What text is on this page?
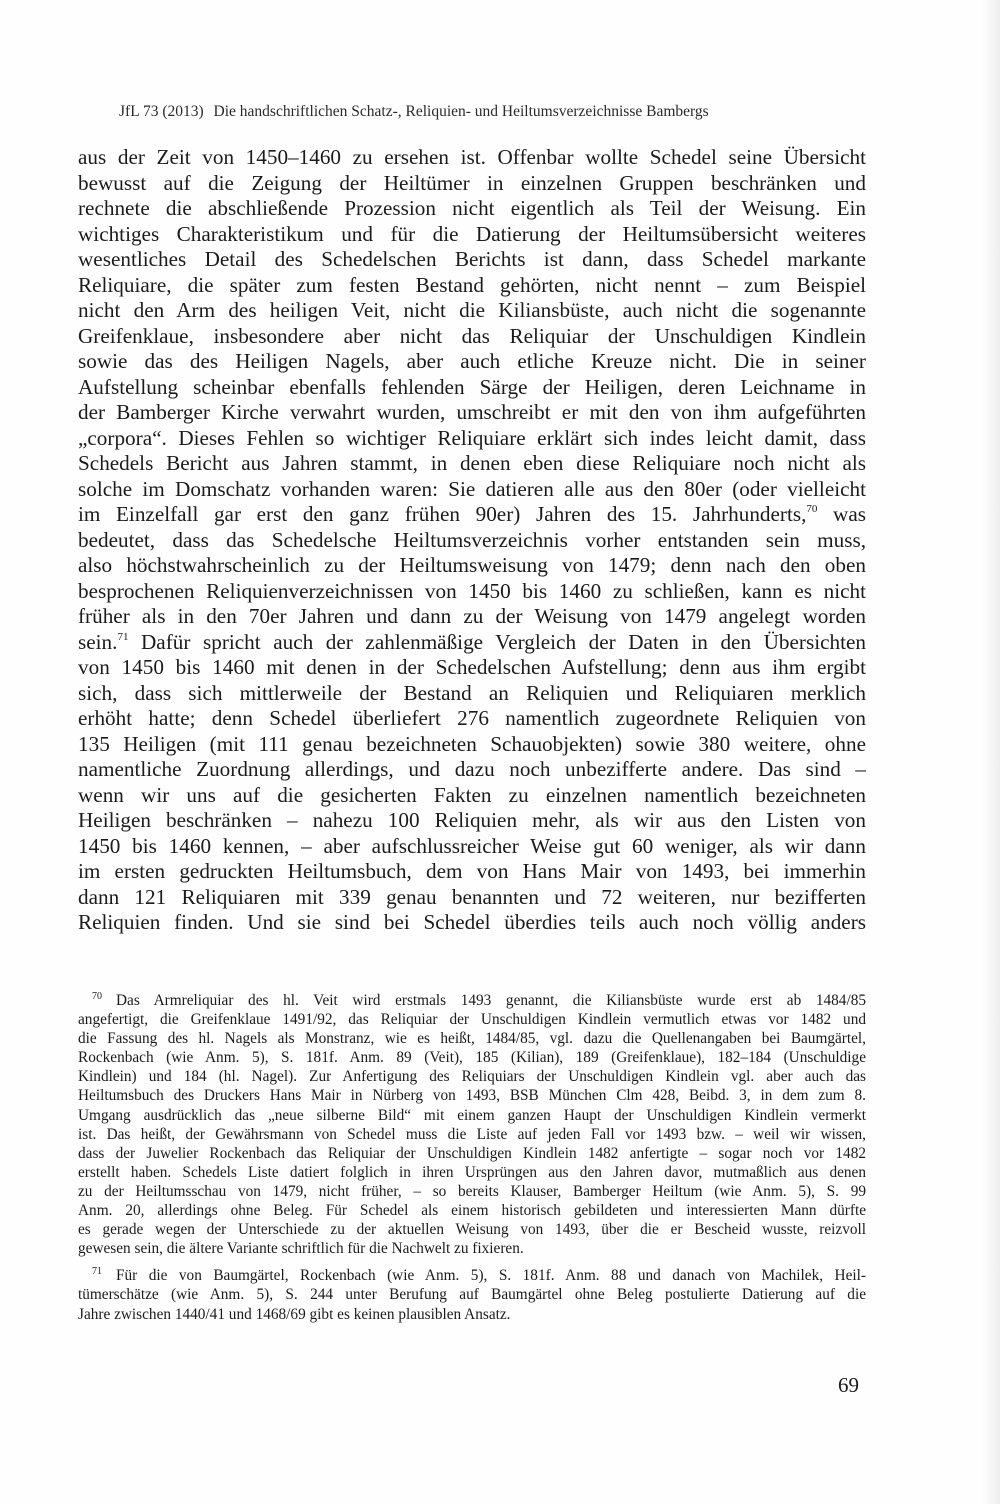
JfL 73 (2013) Die handschriftlichen Schatz-, Reliquien- und Heiltumsverzeichnisse Bambergs
aus der Zeit von 1450–1460 zu ersehen ist. Offenbar wollte Schedel seine Übersicht
bewusst auf die Zeigung der Heiltümer in einzelnen Gruppen beschränken und
rechnete die abschließende Prozession nicht eigentlich als Teil der Weisung. Ein
wichtiges Charakteristikum und für die Datierung der Heiltumsübersicht weiteres
wesentliches Detail des Schedelschen Berichts ist dann, dass Schedel markante
Reliquiare, die später zum festen Bestand gehörten, nicht nennt – zum Beispiel
nicht den Arm des heiligen Veit, nicht die Kiliansbüste, auch nicht die sogenannte
Greifenklaue, insbesondere aber nicht das Reliquiar der Unschuldigen Kindlein
sowie das des Heiligen Nagels, aber auch etliche Kreuze nicht. Die in seiner
Aufstellung scheinbar ebenfalls fehlenden Särge der Heiligen, deren Leichname in
der Bamberger Kirche verwahrt wurden, umschreibt er mit den von ihm aufgeführten
„corpora“. Dieses Fehlen so wichtiger Reliquiare erklärt sich indes leicht damit, dass
Schedels Bericht aus Jahren stammt, in denen eben diese Reliquiare noch nicht als
solche im Domschatz vorhanden waren: Sie datieren alle aus den 80er (oder vielleicht
im Einzelfall gar erst den ganz frühen 90er) Jahren des 15. Jahrhunderts,$^{70}$ was
bedeutet, dass das Schedelsche Heiltumsverzeichnis vorher entstanden sein muss,
also höchstwahrscheinlich zu der Heiltumsweisung von 1479; denn nach den oben
besprochenen Reliquienverzeichnissen von 1450 bis 1460 zu schließen, kann es nicht
früher als in den 70er Jahren und dann zu der Weisung von 1479 angelegt worden
sein.$^{71}$ Dafür spricht auch der zahlenmäßige Vergleich der Daten in den Übersichten
von 1450 bis 1460 mit denen in der Schedelschen Aufstellung; denn aus ihm ergibt
sich, dass sich mittlerweile der Bestand an Reliquien und Reliquiaren merklich
erhöht hatte; denn Schedel überliefert 276 namentlich zugeordnete Reliquien von
135 Heiligen (mit 111 genau bezeichneten Schauobjekten) sowie 380 weitere, ohne
namentliche Zuordnung allerdings, und dazu noch unbezifferte andere. Das sind –
wenn wir uns auf die gesicherten Fakten zu einzelnen namentlich bezeichneten
Heiligen beschränken – nahezu 100 Reliquien mehr, als wir aus den Listen von
1450 bis 1460 kennen, – aber aufschlussreicher Weise gut 60 weniger, als wir dann
im ersten gedruckten Heiltumsbuch, dem von Hans Mair von 1493, bei immerhin
dann 121 Reliquiaren mit 339 genau benannten und 72 weiteren, nur bezifferten
Reliquien finden. Und sie sind bei Schedel überdies teils auch noch völlig anders
$^{70}$ Das Armreliquiar des hl. Veit wird erstmals 1493 genannt, die Kiliansbüste wurde erst ab 1484/85
angefertigt, die Greifenklaue 1491/92, das Reliquiar der Unschuldigen Kindlein vermutlich etwas vor 1482 und
die Fassung des hl. Nagels als Monstranz, wie es heißt, 1484/85, vgl. dazu die Quellenangaben bei Baumgärtel,
Rockenbach (wie Anm. 5), S. 181f. Anm. 89 (Veit), 185 (Kilian), 189 (Greifenklaue), 182–184 (Unschuldige
Kindlein) und 184 (hl. Nagel). Zur Anfertigung des Reliquiars der Unschuldigen Kindlein vgl. aber auch das
Heiltumsbuch des Druckers Hans Mair in Nürberg von 1493, BSB München Clm 428, Beibd. 3, in dem zum 8.
Umgang ausdrücklich das „neue silberne Bild“ mit einem ganzen Haupt der Unschuldigen Kindlein vermerkt
ist. Das heißt, der Gewährsmann von Schedel muss die Liste auf jeden Fall vor 1493 bzw. – weil wir wissen,
dass der Juwelier Rockenbach das Reliquiar der Unschuldigen Kindlein 1482 anfertigte – sogar noch vor 1482
erstellt haben. Schedels Liste datiert folglich in ihren Ursprüngen aus den Jahren davor, mutmaßlich aus denen
zu der Heiltumsschau von 1479, nicht früher, – so bereits Klauser, Bamberger Heiltum (wie Anm. 5), S. 99
Anm. 20, allerdings ohne Beleg. Für Schedel als einem historisch gebildeten und interessierten Mann dürfte
es gerade wegen der Unterschiede zu der aktuellen Weisung von 1493, über die er Bescheid wusste, reizvoll
gewesen sein, die ältere Variante schriftlich für die Nachwelt zu fixieren.
$^{71}$ Für die von Baumgärtel, Rockenbach (wie Anm. 5), S. 181f. Anm. 88 und danach von Machilek, Heil-
tümerschätze (wie Anm. 5), S. 244 unter Berufung auf Baumgärtel ohne Beleg postulierte Datierung auf die
Jahre zwischen 1440/41 und 1468/69 gibt es keinen plausiblen Ansatz.
69
